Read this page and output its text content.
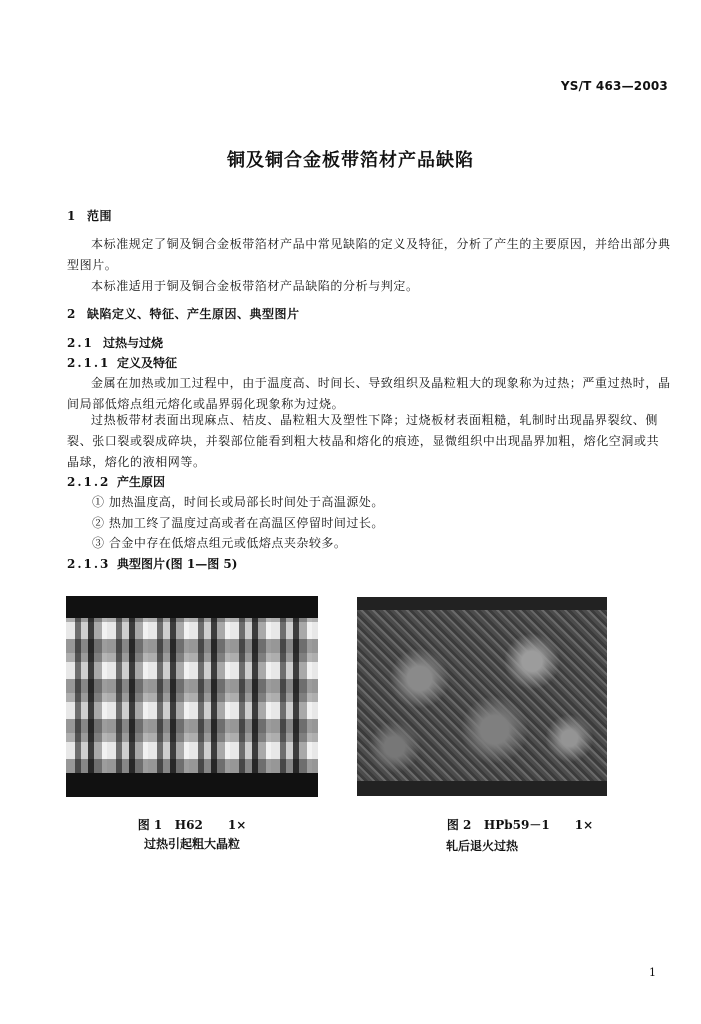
YS/T 463—2003
铜及铜合金板带箔材产品缺陷
1 范围

本标准规定了铜及铜合金板带箔材产品中常见缺陷的定义及特征，分析了产生的主要原因，并给出部分典型图片。

本标准适用于铜及铜合金板带箔材产品缺陷的分析与判定。

2 缺陷定义、特征、产生原因、典型图片
2.1 过热与过烧
2.1.1 定义及特征

金属在加热或加工过程中，由于温度高、时间长、导致组织及晶粒粗大的现象称为过热；严重过热时，晶间局部低熔点组元熔化或晶界弱化现象称为过烧。

过热板带材表面出现麻点、桔皮、晶粒粗大及塑性下降；过烧板材表面粗糙，轧制时出现晶界裂纹、侧裂、张口裂或裂成碎块，并裂部位能看到粗大枝晶和熔化的痕迹，显微组织中出现晶界加粗，熔化空洞或共晶球，熔化的液相网等。

2.1.2 产生原因
① 加热温度高，时间长或局部长时间处于高温源处。
② 热加工终了温度过高或者在高温区停留时间过长。
③ 合金中存在低熔点组元或低熔点夹杂较多。
2.1.3 典型图片(图 1—图 5)
图 1 H62 1×
过热引起粗大晶粒
图 2 HPb59－1 1×
轧后退火过热
1
